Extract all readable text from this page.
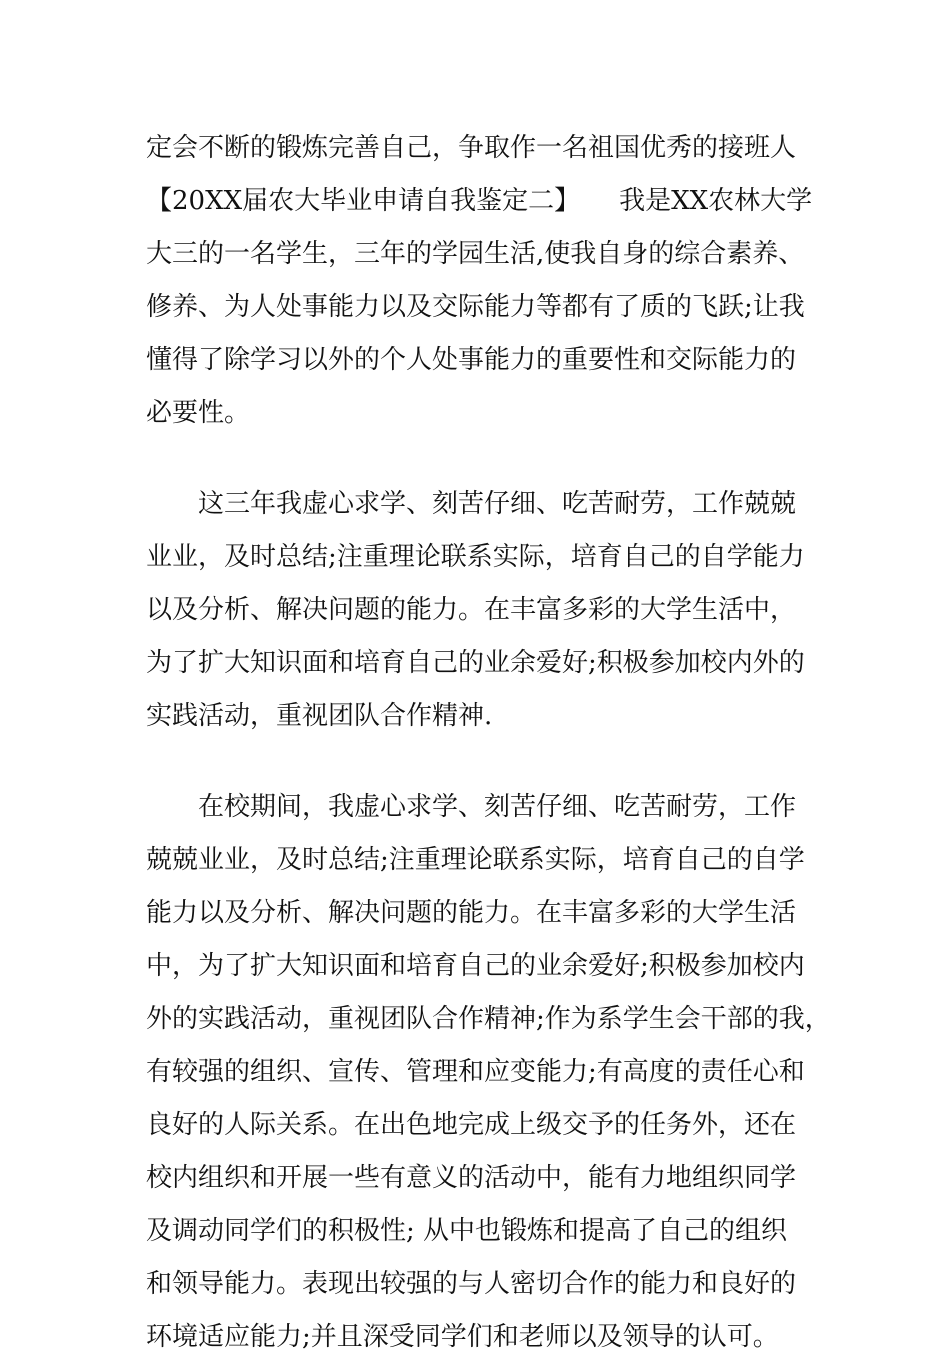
定会不断的锻炼完善自己，争取作一名祖国优秀的接班人
【20XX届农大毕业申请自我鉴定二】　　我是XX农林大学
大三的一名学生，三年的学园生活,使我自身的综合素养、
修养、为人处事能力以及交际能力等都有了质的飞跃;让我
懂得了除学习以外的个人处事能力的重要性和交际能力的
必要性。
这三年我虚心求学、刻苦仔细、吃苦耐劳，工作兢兢
业业，及时总结;注重理论联系实际，培育自己的自学能力
以及分析、解决问题的能力。在丰富多彩的大学生活中，
为了扩大知识面和培育自己的业余爱好;积极参加校内外的
实践活动，重视团队合作精神.
在校期间，我虚心求学、刻苦仔细、吃苦耐劳，工作
兢兢业业，及时总结;注重理论联系实际，培育自己的自学
能力以及分析、解决问题的能力。在丰富多彩的大学生活
中，为了扩大知识面和培育自己的业余爱好;积极参加校内
外的实践活动，重视团队合作精神;作为系学生会干部的我，
有较强的组织、宣传、管理和应变能力;有高度的责任心和
良好的人际关系。在出色地完成上级交予的任务外，还在
校内组织和开展一些有意义的活动中，能有力地组织同学
及调动同学们的积极性; 从中也锻炼和提高了自己的组织
和领导能力。表现出较强的与人密切合作的能力和良好的
环境适应能力;并且深受同学们和老师以及领导的认可。
